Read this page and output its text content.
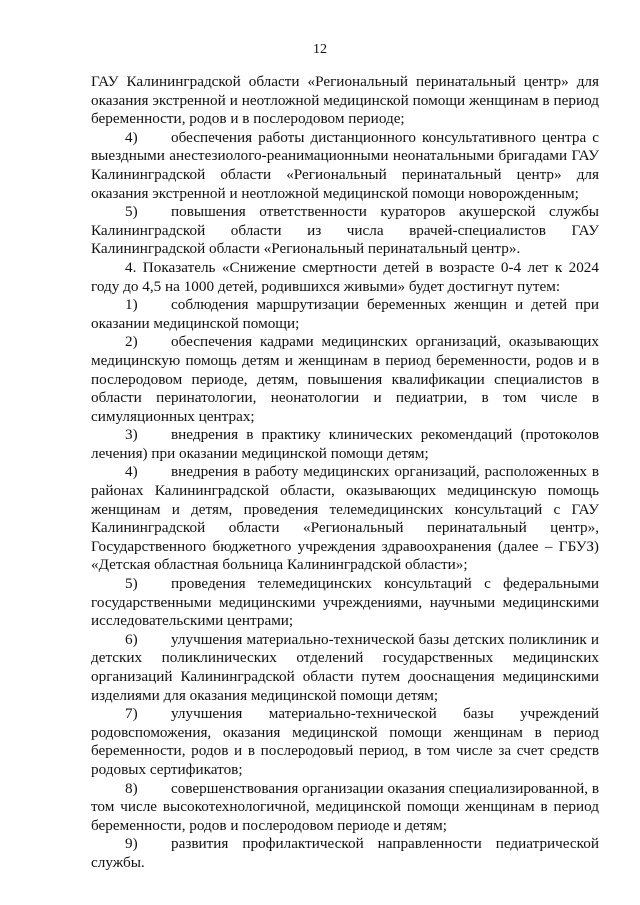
12

ГАУ Калининградской области «Региональный перинатальный центр» для оказания экстренной и неотложной медицинской помощи женщинам в период беременности, родов и в послеродовом периоде;

4) обеспечения работы дистанционного консультативного центра с выездными анестезиолого-реанимационными неонатальными бригадами ГАУ Калининградской области «Региональный перинатальный центр» для оказания экстренной и неотложной медицинской помощи новорожденным;

5) повышения ответственности кураторов акушерской службы Калининградской области из числа врачей-специалистов ГАУ Калининградской области «Региональный перинатальный центр».

4. Показатель «Снижение смертности детей в возрасте 0-4 лет к 2024 году до 4,5 на 1000 детей, родившихся живыми» будет достигнут путем:

1) соблюдения маршрутизации беременных женщин и детей при оказании медицинской помощи;

2) обеспечения кадрами медицинских организаций, оказывающих медицинскую помощь детям и женщинам в период беременности, родов и в послеродовом периоде, детям, повышения квалификации специалистов в области перинатологии, неонатологии и педиатрии, в том числе в симуляционных центрах;

3) внедрения в практику клинических рекомендаций (протоколов лечения) при оказании медицинской помощи детям;

4) внедрения в работу медицинских организаций, расположенных в районах Калининградской области, оказывающих медицинскую помощь женщинам и детям, проведения телемедицинских консультаций с ГАУ Калининградской области «Региональный перинатальный центр», Государственного бюджетного учреждения здравоохранения (далее – ГБУЗ) «Детская областная больница Калининградской области»;

5) проведения телемедицинских консультаций с федеральными государственными медицинскими учреждениями, научными медицинскими исследовательскими центрами;

6) улучшения материально-технической базы детских поликлиник и детских поликлинических отделений государственных медицинских организаций Калининградской области путем дооснащения медицинскими изделиями для оказания медицинской помощи детям;

7) улучшения материально-технической базы учреждений родовспоможения, оказания медицинской помощи женщинам в период беременности, родов и в послеродовый период, в том числе за счет средств родовых сертификатов;

8) совершенствования организации оказания специализированной, в том числе высокотехнологичной, медицинской помощи женщинам в период беременности, родов и послеродовом периоде и детям;

9) развития профилактической направленности педиатрической службы.
